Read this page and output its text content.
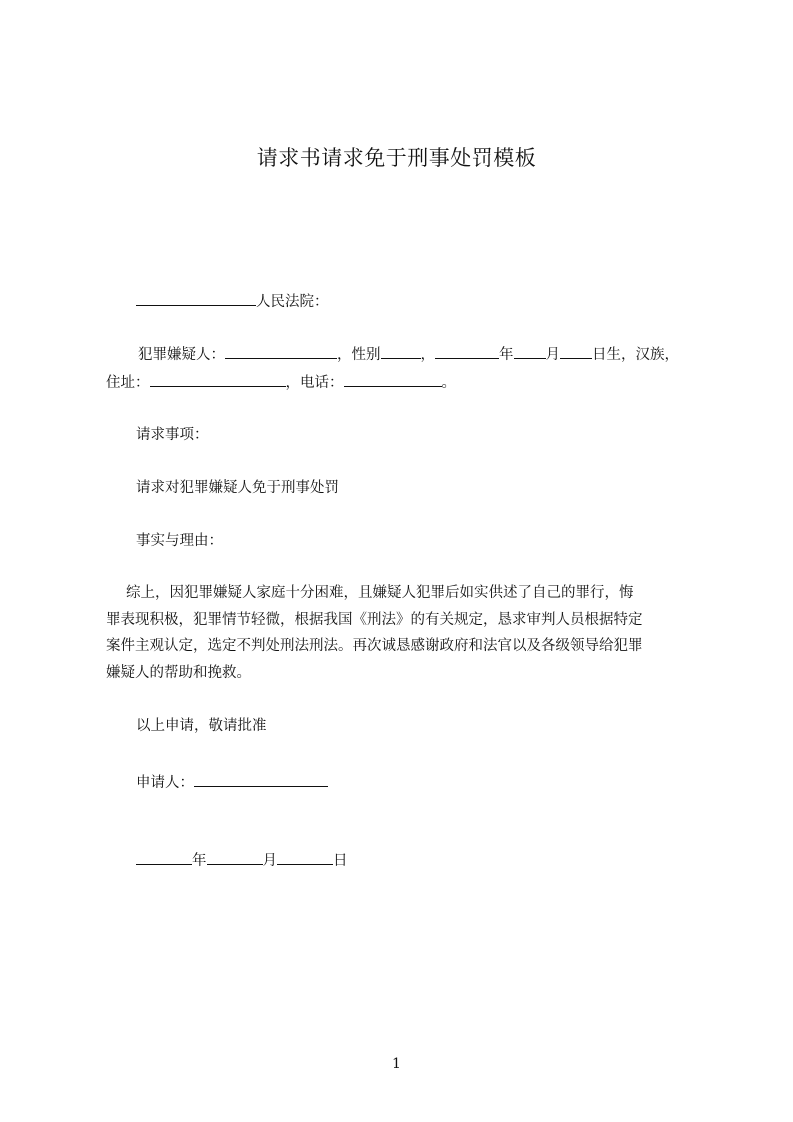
请求书请求免于刑事处罚模板
人民法院：
犯罪嫌疑人：	，性别	，	年 月 日生，汉族，
住址：	，电话：	。
请求事项：
请求对犯罪嫌疑人免于刑事处罚
事实与理由：
综上，因犯罪嫌疑人家庭十分困难，且嫌疑人犯罪后如实供述了自己的罪行，悔
罪表现积极，犯罪情节轻微，根据我国《刑法》的有关规定，恳求审判人员根据特定
案件主观认定，选定不判处刑法刑法。再次诚恳感谢政府和法官以及各级领导给犯罪
嫌疑人的帮助和挽救。
以上申请，敬请批准
申请人：
年	月	日
1
